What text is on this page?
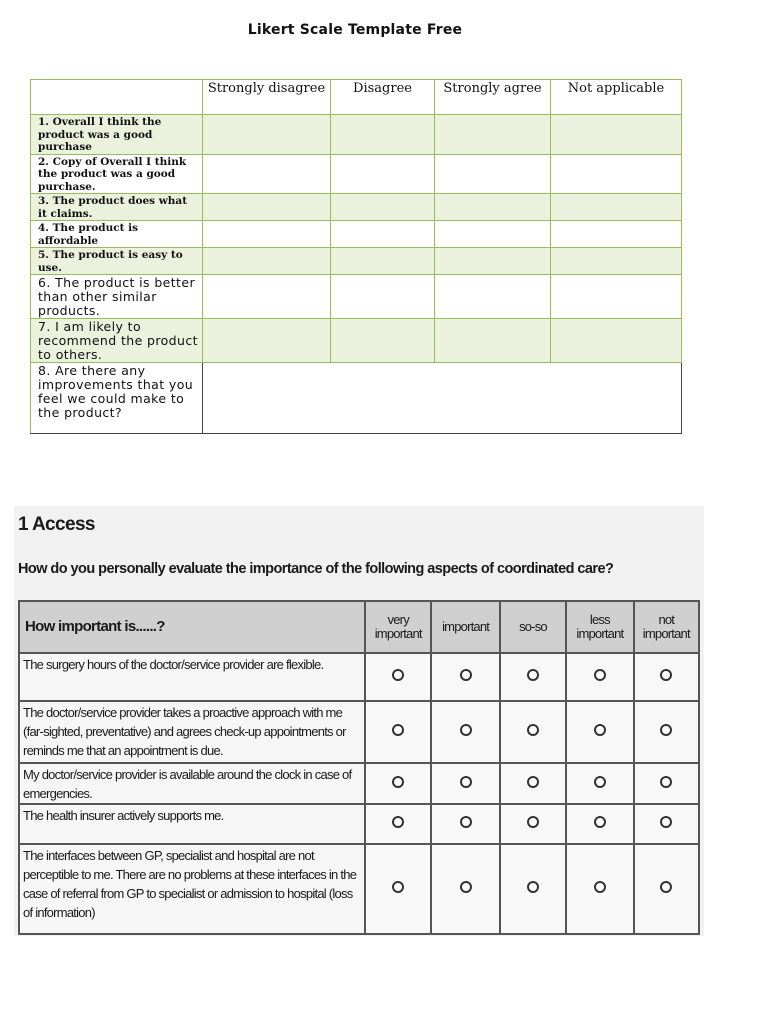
Likert Scale Template Free
	Strongly disagree	Disagree	Strongly agree	Not applicable
1. Overall I think the product was a good purchase				
2. Copy of Overall I think the product was a good purchase.				
3. The product does what it claims.				
4. The product is affordable				
5. The product is easy to use.				
6. The product is better than other similar products.				
7. I am likely to recommend the product to others.				
8. Are there any improvements that you feel we could make to the product?				
1 Access
How do you personally evaluate the importance of the following aspects of coordinated care?
How important is......?	very important	important	so-so	less important	not important
The surgery hours of the doctor/service provider are flexible.					
The doctor/service provider takes a proactive approach with me (far-sighted, preventative) and agrees check-up appointments or reminds me that an appointment is due.					
My doctor/service provider is available around the clock in case of emergencies.					
The health insurer actively supports me.					
The interfaces between GP, specialist and hospital are not perceptible to me. There are no problems at these interfaces in the case of referral from GP to specialist or admission to hospital (loss of information)					
